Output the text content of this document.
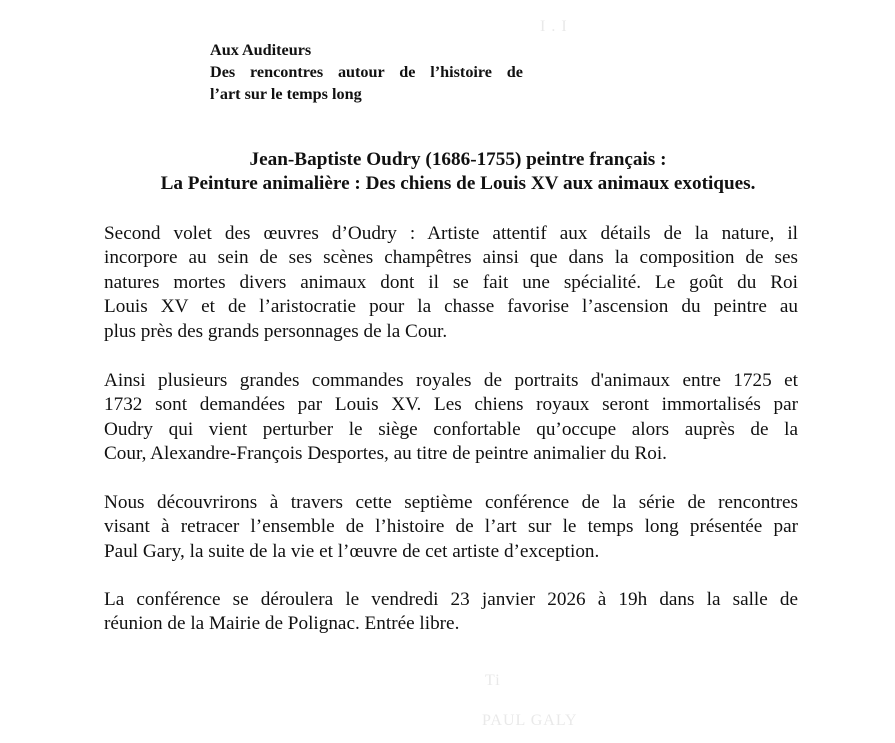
I . I
Ti
PAUL GALY
Aux Auditeurs
Des rencontres autour de l’histoire de
l’art sur le temps long
Jean-Baptiste Oudry (1686-1755) peintre français :
La Peinture animalière : Des chiens de Louis XV aux animaux exotiques.
Second volet des œuvres d’Oudry : Artiste attentif aux détails de la nature, il
incorpore au sein de ses scènes champêtres ainsi que dans la composition de ses
natures mortes divers animaux dont il se fait une spécialité. Le goût du Roi
Louis XV et de l’aristocratie pour la chasse favorise l’ascension du peintre au
plus près des grands personnages de la Cour.
Ainsi plusieurs grandes commandes royales de portraits d'animaux entre 1725 et
1732 sont demandées par Louis XV. Les chiens royaux seront immortalisés par
Oudry qui vient perturber le siège confortable qu’occupe alors auprès de la
Cour, Alexandre-François Desportes, au titre de peintre animalier du Roi.
Nous découvrirons à travers cette septième conférence de la série de rencontres
visant à retracer l’ensemble de l’histoire de l’art sur le temps long présentée par
Paul Gary, la suite de la vie et l’œuvre de cet artiste d’exception.
La conférence se déroulera le vendredi 23 janvier 2026 à 19h dans la salle de
réunion de la Mairie de Polignac. Entrée libre.
